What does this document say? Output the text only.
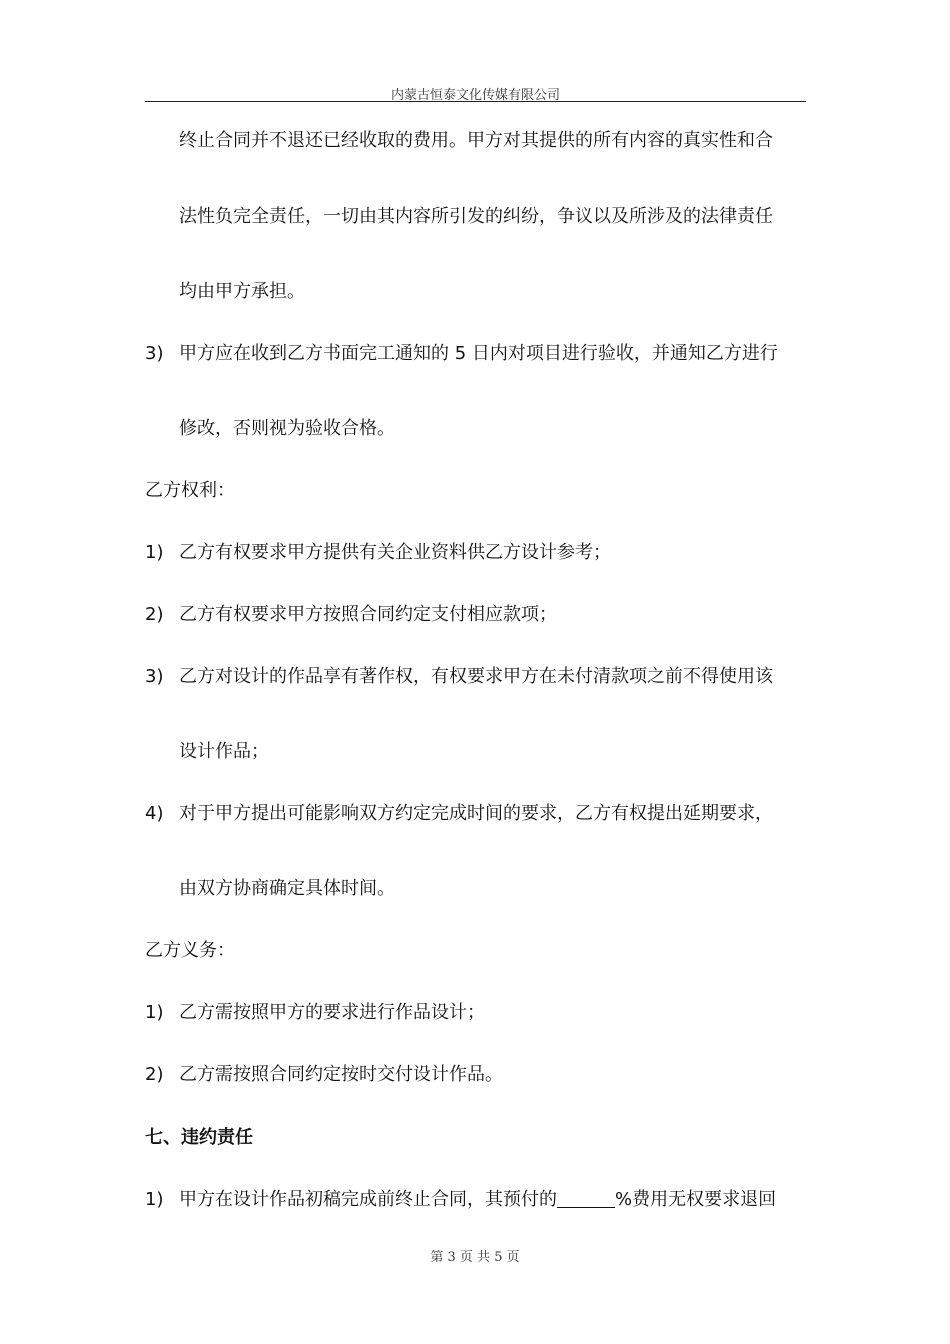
内蒙古恒泰文化传媒有限公司
终止合同并不退还已经收取的费用。甲方对其提供的所有内容的真实性和合
法性负完全责任，一切由其内容所引发的纠纷，争议以及所涉及的法律责任
均由甲方承担。
3) 甲方应在收到乙方书面完工通知的 5 日内对项目进行验收，并通知乙方进行
修改，否则视为验收合格。
乙方权利：
1) 乙方有权要求甲方提供有关企业资料供乙方设计参考；
2) 乙方有权要求甲方按照合同约定支付相应款项；
3) 乙方对设计的作品享有著作权，有权要求甲方在未付清款项之前不得使用该
设计作品；
4) 对于甲方提出可能影响双方约定完成时间的要求，乙方有权提出延期要求，
由双方协商确定具体时间。
乙方义务：
1) 乙方需按照甲方的要求进行作品设计；
2) 乙方需按照合同约定按时交付设计作品。
七、违约责任
1) 甲方在设计作品初稿完成前终止合同，其预付的	%费用无权要求退回
第 3 页 共 5 页
